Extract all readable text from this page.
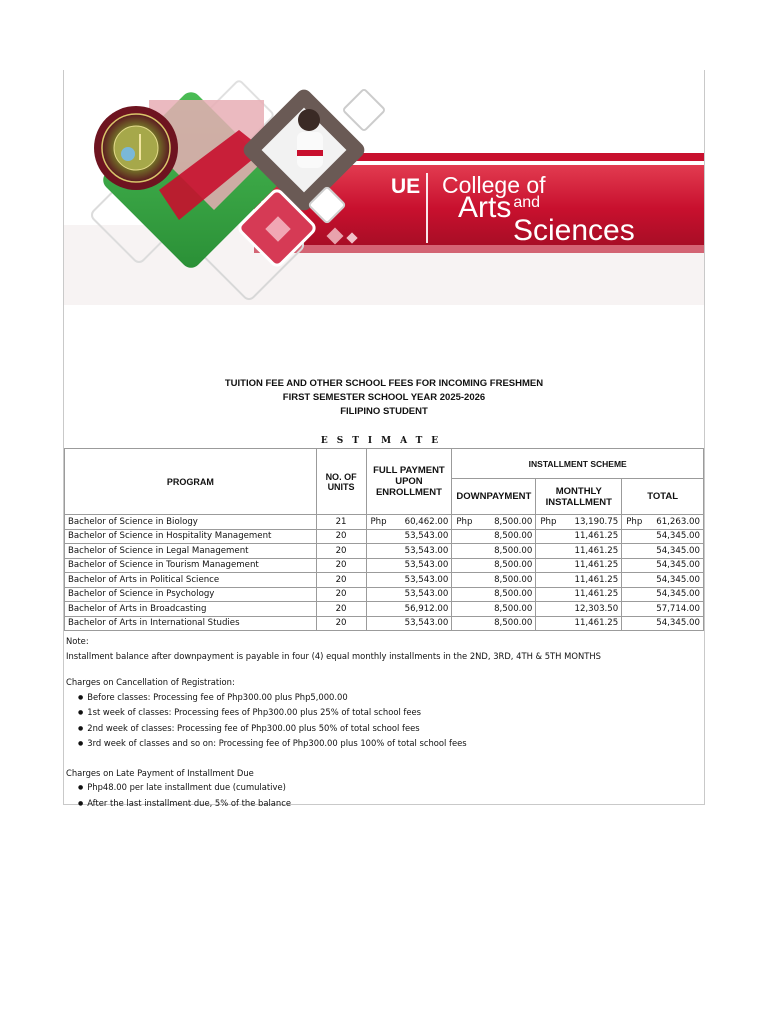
UE College of
Arts and
Sciences
TUITION FEE AND OTHER SCHOOL FEES FOR INCOMING FRESHMEN
FIRST SEMESTER SCHOOL YEAR 2025-2026
FILIPINO STUDENT
ESTIMATE
PROGRAM	NO. OF UNITS	FULL PAYMENT UPON ENROLLMENT	INSTALLMENT SCHEME		
			DOWNPAYMENT	MONTHLY INSTALLMENT	TOTAL
Bachelor of Science in Biology	21	Php 60,462.00	Php 8,500.00	Php 13,190.75	Php 61,263.00
Bachelor of Science in Hospitality Management	20	53,543.00	8,500.00	11,461.25	54,345.00
Bachelor of Science in Legal Management	20	53,543.00	8,500.00	11,461.25	54,345.00
Bachelor of Science in Tourism Management	20	53,543.00	8,500.00	11,461.25	54,345.00
Bachelor of Arts in Political Science	20	53,543.00	8,500.00	11,461.25	54,345.00
Bachelor of Science in Psychology	20	53,543.00	8,500.00	11,461.25	54,345.00
Bachelor of Arts in Broadcasting	20	56,912.00	8,500.00	12,303.50	57,714.00
Bachelor of Arts in International Studies	20	53,543.00	8,500.00	11,461.25	54,345.00
Note:
Installment balance after downpayment is payable in four (4) equal monthly installments in the 2ND, 3RD, 4TH & 5TH MONTHS
Charges on Cancellation of Registration:
● Before classes: Processing fee of Php300.00 plus Php5,000.00
● 1st week of classes: Processing fees of Php300.00 plus 25% of total school fees
● 2nd week of classes: Processing fee of Php300.00 plus 50% of total school fees
● 3rd week of classes and so on: Processing fee of Php300.00 plus 100% of total school fees
Charges on Late Payment of Installment Due
● Php48.00 per late installment due (cumulative)
● After the last installment due, 5% of the balance
